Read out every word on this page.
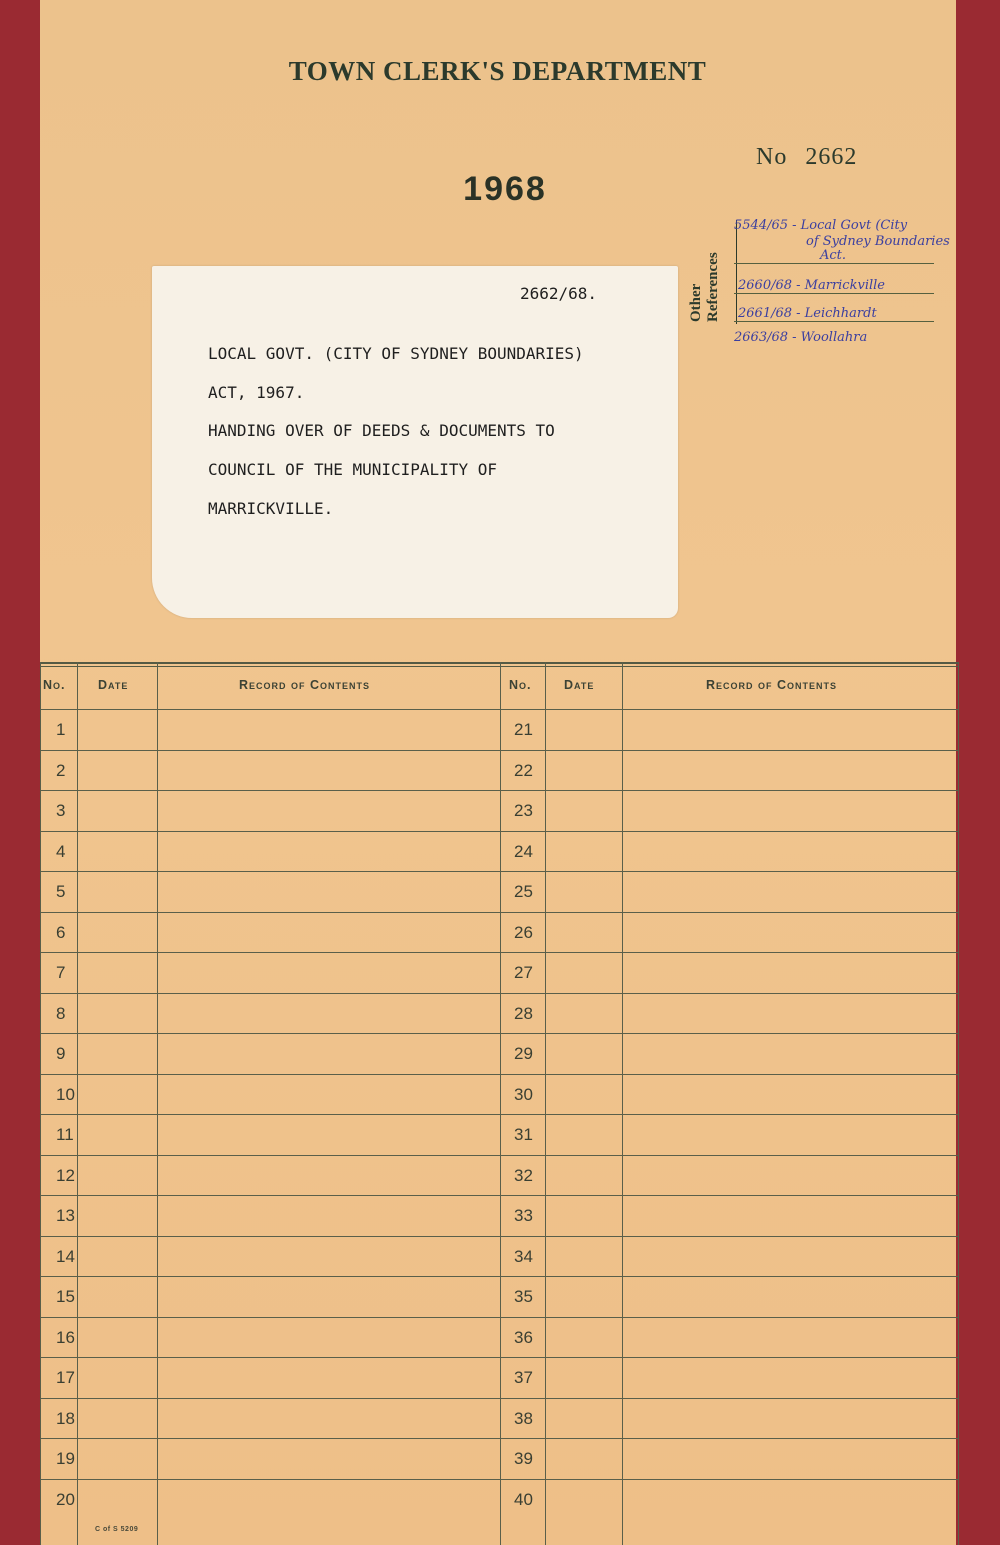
TOWN CLERK'S DEPARTMENT
1968
No 2662
Other References
5544/65 - Local Govt (City
of Sydney Boundaries
Act.
2660/68 - Marrickville
2661/68 - Leichhardt
2663/68 - Woollahra
2662/68.
LOCAL GOVT. (CITY OF SYDNEY BOUNDARIES)
ACT, 1967.
HANDING OVER OF DEEDS & DOCUMENTS TO
COUNCIL OF THE MUNICIPALITY OF
MARRICKVILLE.
No.	Date	Record of Contents	No.	Date	Record of Contents
C of S 5209
1	21
2	22
3	23
4	24
5	25
6	26
7	27
8	28
9	29
10	30
11	31
12	32
13	33
14	34
15	35
16	36
17	37
18	38
19	39
20	40
